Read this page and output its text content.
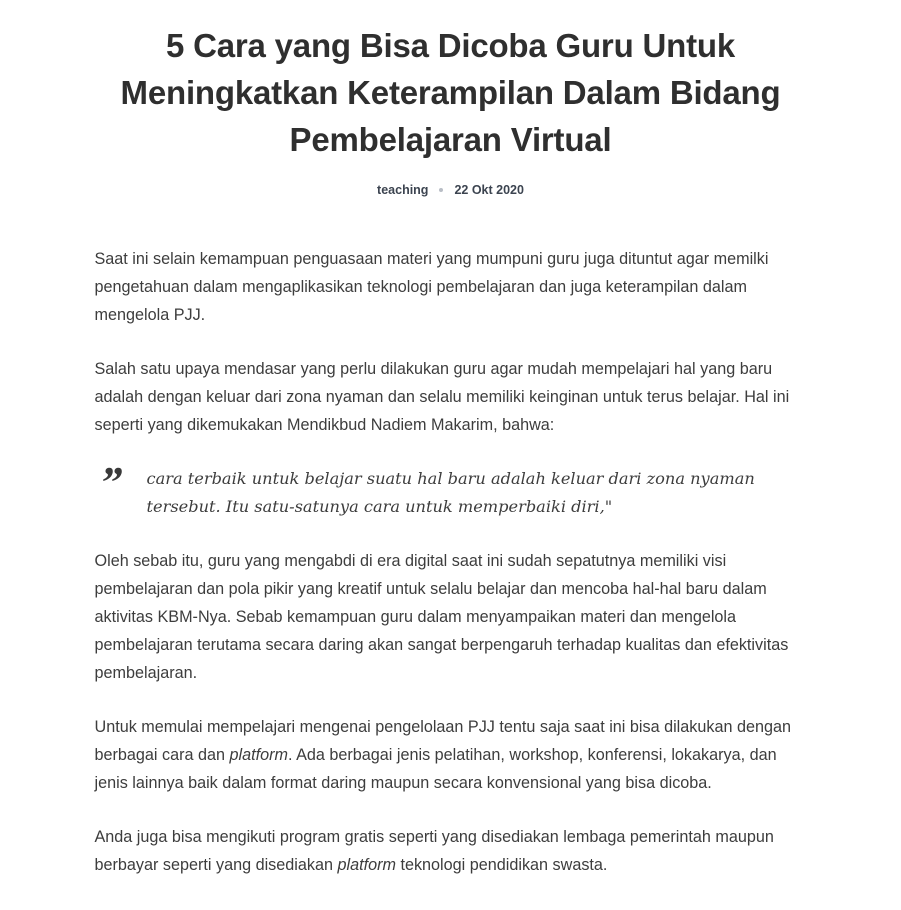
5 Cara yang Bisa Dicoba Guru Untuk Meningkatkan Keterampilan Dalam Bidang Pembelajaran Virtual
teaching 22 Okt 2020

Saat ini selain kemampuan penguasaan materi yang mumpuni guru juga dituntut agar memilki pengetahuan dalam mengaplikasikan teknologi pembelajaran dan juga keterampilan dalam mengelola PJJ.

Salah satu upaya mendasar yang perlu dilakukan guru agar mudah mempelajari hal yang baru adalah dengan keluar dari zona nyaman dan selalu memiliki keinginan untuk terus belajar. Hal ini seperti yang dikemukakan Mendikbud Nadiem Makarim, bahwa:

” cara terbaik untuk belajar suatu hal baru adalah keluar dari zona nyaman tersebut. Itu satu-satunya cara untuk memperbaiki diri,"

Oleh sebab itu, guru yang mengabdi di era digital saat ini sudah sepatutnya memiliki visi pembelajaran dan pola pikir yang kreatif untuk selalu belajar dan mencoba hal-hal baru dalam aktivitas KBM-Nya. Sebab kemampuan guru dalam menyampaikan materi dan mengelola pembelajaran terutama secara daring akan sangat berpengaruh terhadap kualitas dan efektivitas pembelajaran.

Untuk memulai mempelajari mengenai pengelolaan PJJ tentu saja saat ini bisa dilakukan dengan berbagai cara dan platform. Ada berbagai jenis pelatihan, workshop, konferensi, lokakarya, dan jenis lainnya baik dalam format daring maupun secara konvensional yang bisa dicoba.

Anda juga bisa mengikuti program gratis seperti yang disediakan lembaga pemerintah maupun berbayar seperti yang disediakan platform teknologi pendidikan swasta.
